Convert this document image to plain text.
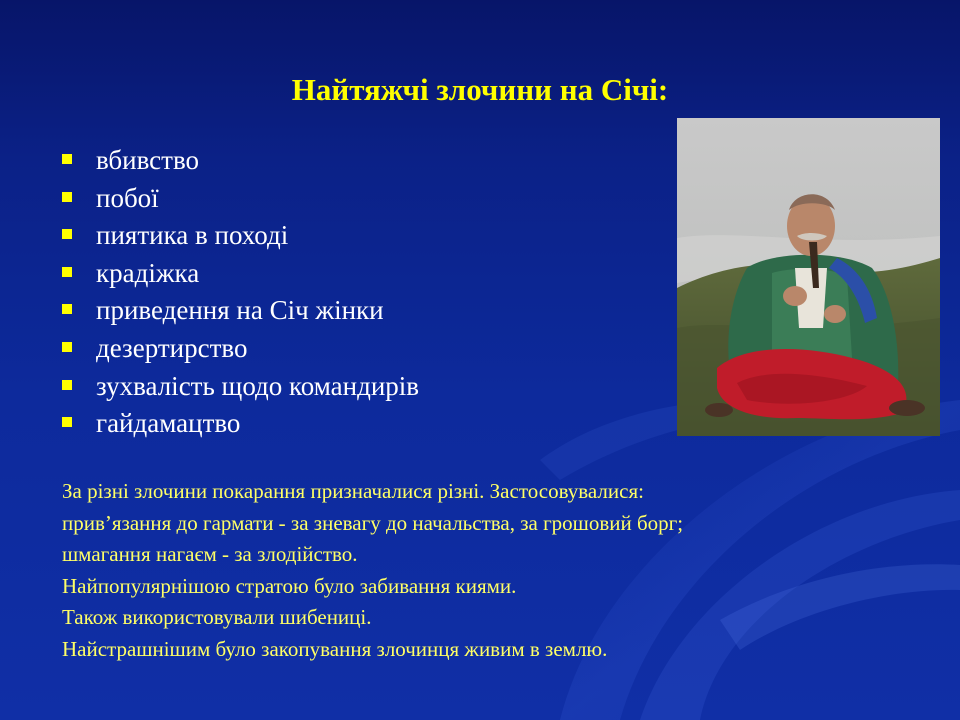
Найтяжчі злочини на Січі:
вбивство
побої
пиятика в поході
крадіжка
приведення на Січ жінки
дезертирство
зухвалість щодо командирів
гайдамацтво
За різні злочини покарання призначалися різні. Застосовувалися:
прив’язання до гармати - за зневагу до начальства, за грошовий борг;
шмагання нагаєм - за злодійство.
Найпопулярнішою стратою було забивання киями.
Також використовували шибениці.
Найстрашнішим було закопування злочинця живим в землю.
